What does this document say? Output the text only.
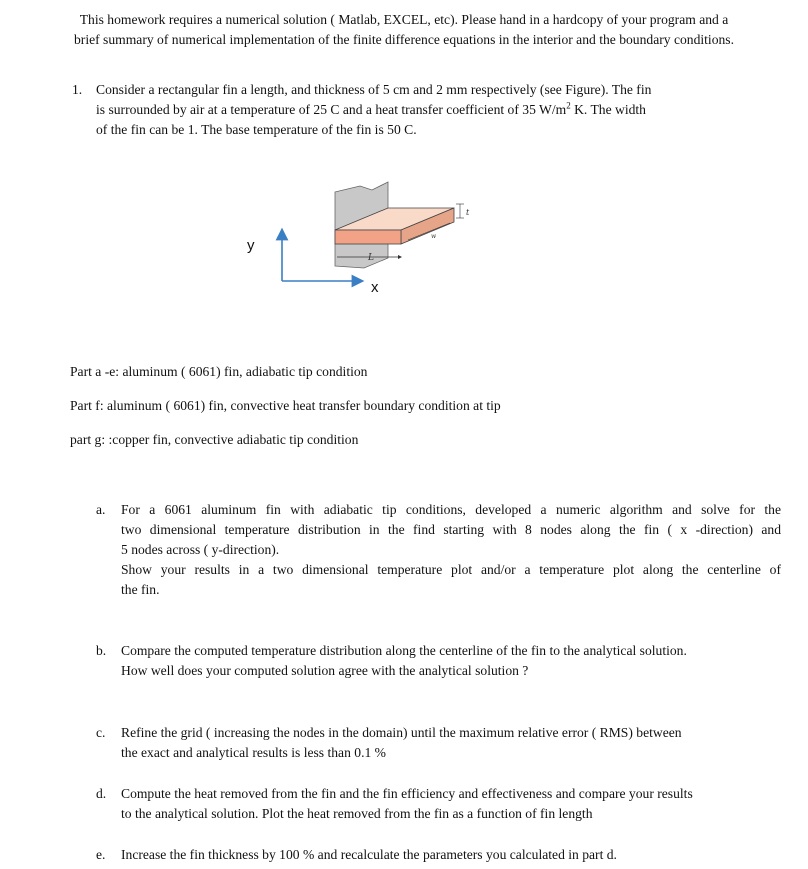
This homework requires a numerical solution ( Matlab, EXCEL, etc). Please hand in a hardcopy of your program and a
brief summary of numerical implementation of the finite difference equations in the interior and the boundary conditions.
1. Consider a rectangular fin a length, and thickness of 5 cm and 2 mm respectively (see Figure). The fin
is surrounded by air at a temperature of 25 C and a heat transfer coefficient of 35 $W/m^2$ K. The width
of the fin can be 1. The base temperature of the fin is 50 C.
L
w
t
y
x
Part a -e: aluminum ( 6061) fin, adiabatic tip condition
Part f: aluminum ( 6061) fin, convective heat transfer boundary condition at tip
part g: :copper fin, convective adiabatic tip condition
a.	For a 6061 aluminum fin with adiabatic tip conditions, developed a numeric algorithm and solve for the
two dimensional temperature distribution in the find starting with 8 nodes along the fin ( x -direction) and
5 nodes across ( y-direction).
Show your results in a two dimensional temperature plot and/or a temperature plot along the centerline of
the fin.
b.	Compare the computed temperature distribution along the centerline of the fin to the analytical solution.
How well does your computed solution agree with the analytical solution ?
c.	Refine the grid ( increasing the nodes in the domain) until the maximum relative error ( RMS) between
the exact and analytical results is less than 0.1 %
d.	Compute the heat removed from the fin and the fin efficiency and effectiveness and compare your results
to the analytical solution. Plot the heat removed from the fin as a function of fin length
e.	Increase the fin thickness by 100 % and recalculate the parameters you calculated in part d.
